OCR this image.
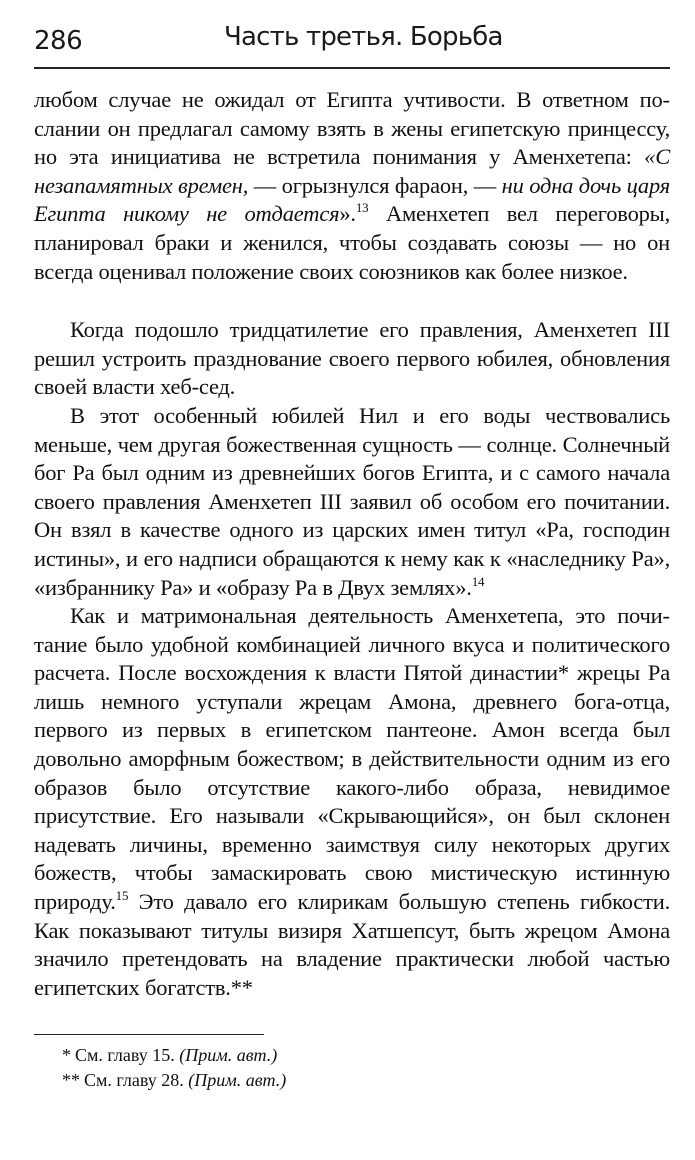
286	Часть третья. Борьба

любом случае не ожидал от Египта учтивости. В ответном послании он предлагал самому взять в жены египетскую принцессу, но эта инициатива не встретила понимания у Аменхетепа: «С незапамятных времен, — огрызнулся фараон, — ни одна дочь царя Египта никому не отдается».$^{13}$ Аменхетеп вел переговоры, планировал браки и женился, чтобы создавать союзы — но он всегда оценивал положение своих союзников как более низкое.

Когда подошло тридцатилетие его правления, Аменхетеп III решил устроить празднование своего первого юбилея, обновления своей власти хеб-сед.

В этот особенный юбилей Нил и его воды чествовались меньше, чем другая божественная сущность — солнце. Солнечный бог Ра был одним из древнейших богов Египта, и с самого начала своего правления Аменхетеп III заявил об особом его почитании. Он взял в качестве одного из царских имен титул «Ра, господин истины», и его надписи обращаются к нему как к «наследнику Ра», «избраннику Ра» и «образу Ра в Двух землях».$^{14}$

Как и матримональная деятельность Аменхетепа, это почитание было удобной комбинацией личного вкуса и политического расчета. После восхождения к власти Пятой династии* жрецы Ра лишь немного уступали жрецам Амона, древнего бога-отца, первого из первых в египетском пантеоне. Амон всегда был довольно аморфным божеством; в действительности одним из его образов было отсутствие какого-либо образа, невидимое присутствие. Его называли «Скрывающийся», он был склонен надевать личины, временно заимствуя силу некоторых других божеств, чтобы замаскировать свою мистическую истинную природу.$^{15}$ Это давало его клирикам большую степень гибкости. Как показывают титулы визиря Хатшепсут, быть жрецом Амона значило претендовать на владение практически любой частью египетских богатств.**

* См. главу 15. (Прим. авт.)

** См. главу 28. (Прим. авт.)
